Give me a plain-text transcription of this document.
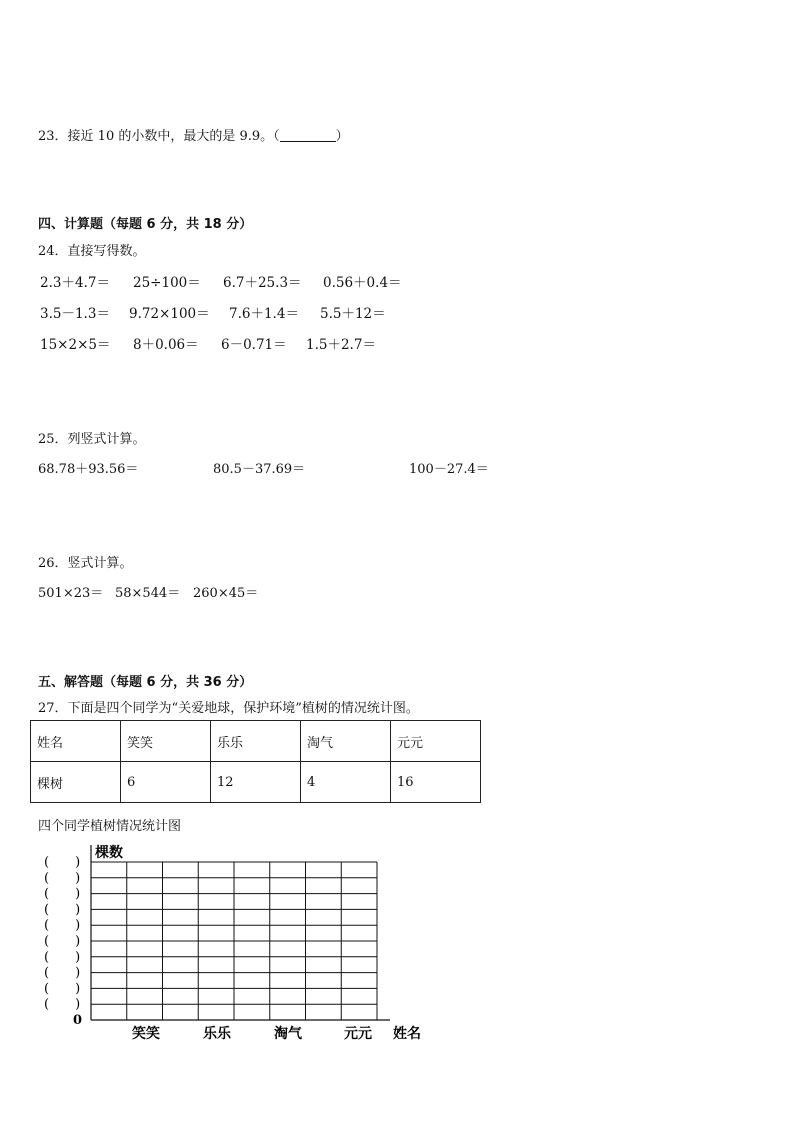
23．接近 10 的小数中，最大的是 9.9。（	）
四、计算题（每题 6 分，共 18 分）
24．直接写得数。
2.3＋4.7＝ 25÷100＝ 6.7＋25.3＝ 0.56＋0.4＝
3.5－1.3＝ 9.72×100＝ 7.6＋1.4＝ 5.5＋12＝
15×2×5＝ 8＋0.06＝ 6－0.71＝ 1.5＋2.7＝
25．列竖式计算。
68.78＋93.56＝	80.5－37.69＝	100－27.4＝
26．竖式计算。
501×23＝ 58×544＝ 260×45＝
五、解答题（每题 6 分，共 36 分）
27．下面是四个同学为“关爱地球，保护环境”植树的情况统计图。
姓名	笑笑	乐乐	淘气	元元
棵树	6	12	4	16
四个同学植树情况统计图
棵数
0
(　　)
(　　)
(　　)
(　　)
(　　)
(　　)
(　　)
(　　)
(　　)
(　　)
笑笑	乐乐	淘气	元元 姓名
